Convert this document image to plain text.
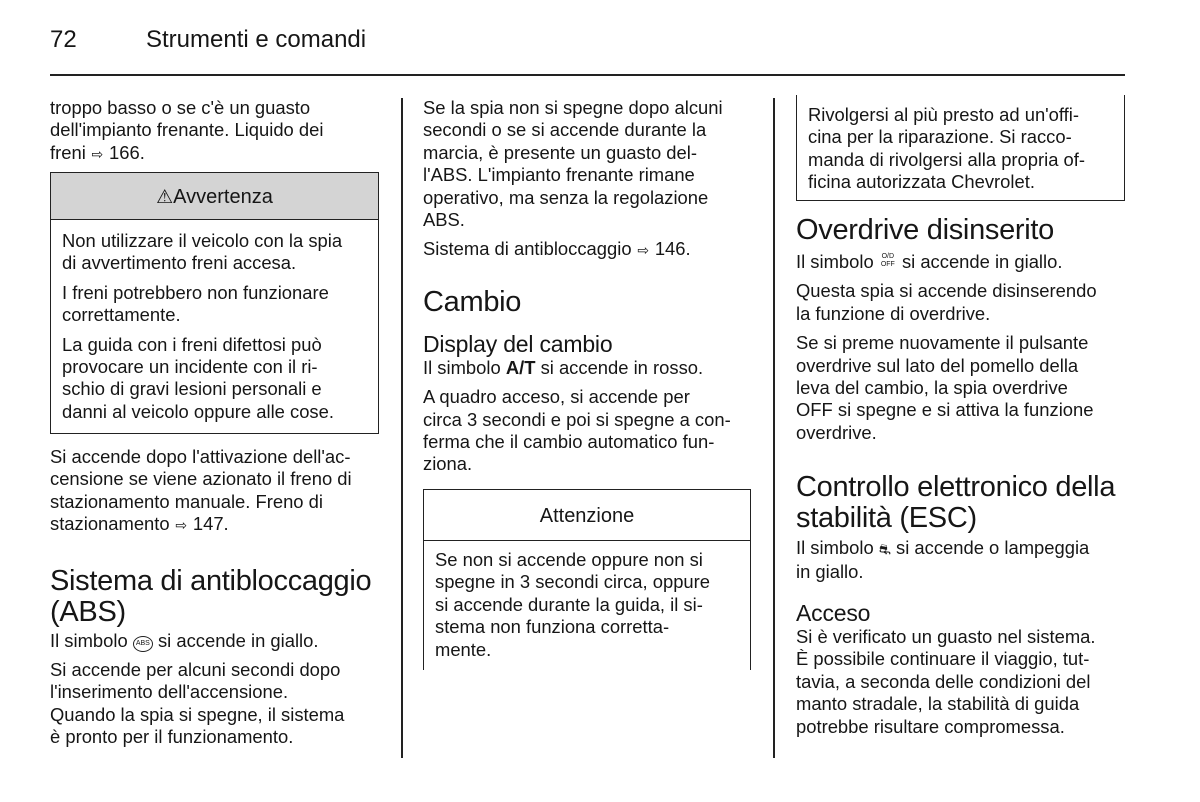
72	Strumenti e comandi
troppo basso o se c'è un guasto
dell'impianto frenante. Liquido dei
freni ⇨ 166.
⚠Avvertenza
Non utilizzare il veicolo con la spia
di avvertimento freni accesa.
I freni potrebbero non funzionare
correttamente.
La guida con i freni difettosi può
provocare un incidente con il ri-
schio di gravi lesioni personali e
danni al veicolo oppure alle cose.
Si accende dopo l'attivazione dell'ac-
censione se viene azionato il freno di
stazionamento manuale. Freno di
stazionamento ⇨ 147.
Sistema di antibloccaggio
(ABS)
Il simbolo ABS si accende in giallo.
Si accende per alcuni secondi dopo
l'inserimento dell'accensione.
Quando la spia si spegne, il sistema
è pronto per il funzionamento.
Se la spia non si spegne dopo alcuni
secondi o se si accende durante la
marcia, è presente un guasto del-
l'ABS. L'impianto frenante rimane
operativo, ma senza la regolazione
ABS.
Sistema di antibloccaggio ⇨ 146.
Cambio
Display del cambio
Il simbolo A/T si accende in rosso.
A quadro acceso, si accende per
circa 3 secondi e poi si spegne a con-
ferma che il cambio automatico fun-
ziona.
Attenzione
Se non si accende oppure non si
spegne in 3 secondi circa, oppure
si accende durante la guida, il si-
stema non funziona corretta-
mente.
Rivolgersi al più presto ad un'offi-
cina per la riparazione. Si racco-
manda di rivolgersi alla propria of-
ficina autorizzata Chevrolet.
Overdrive disinserito
Il simbolo O/D OFF si accende in giallo.
Questa spia si accende disinserendo
la funzione di overdrive.
Se si preme nuovamente il pulsante
overdrive sul lato del pomello della
leva del cambio, la spia overdrive
OFF si spegne e si attiva la funzione
overdrive.
Controllo elettronico della
stabilità (ESC)
Il simbolo ⛐ si accende o lampeggia
in giallo.
Acceso
Si è verificato un guasto nel sistema.
È possibile continuare il viaggio, tut-
tavia, a seconda delle condizioni del
manto stradale, la stabilità di guida
potrebbe risultare compromessa.
